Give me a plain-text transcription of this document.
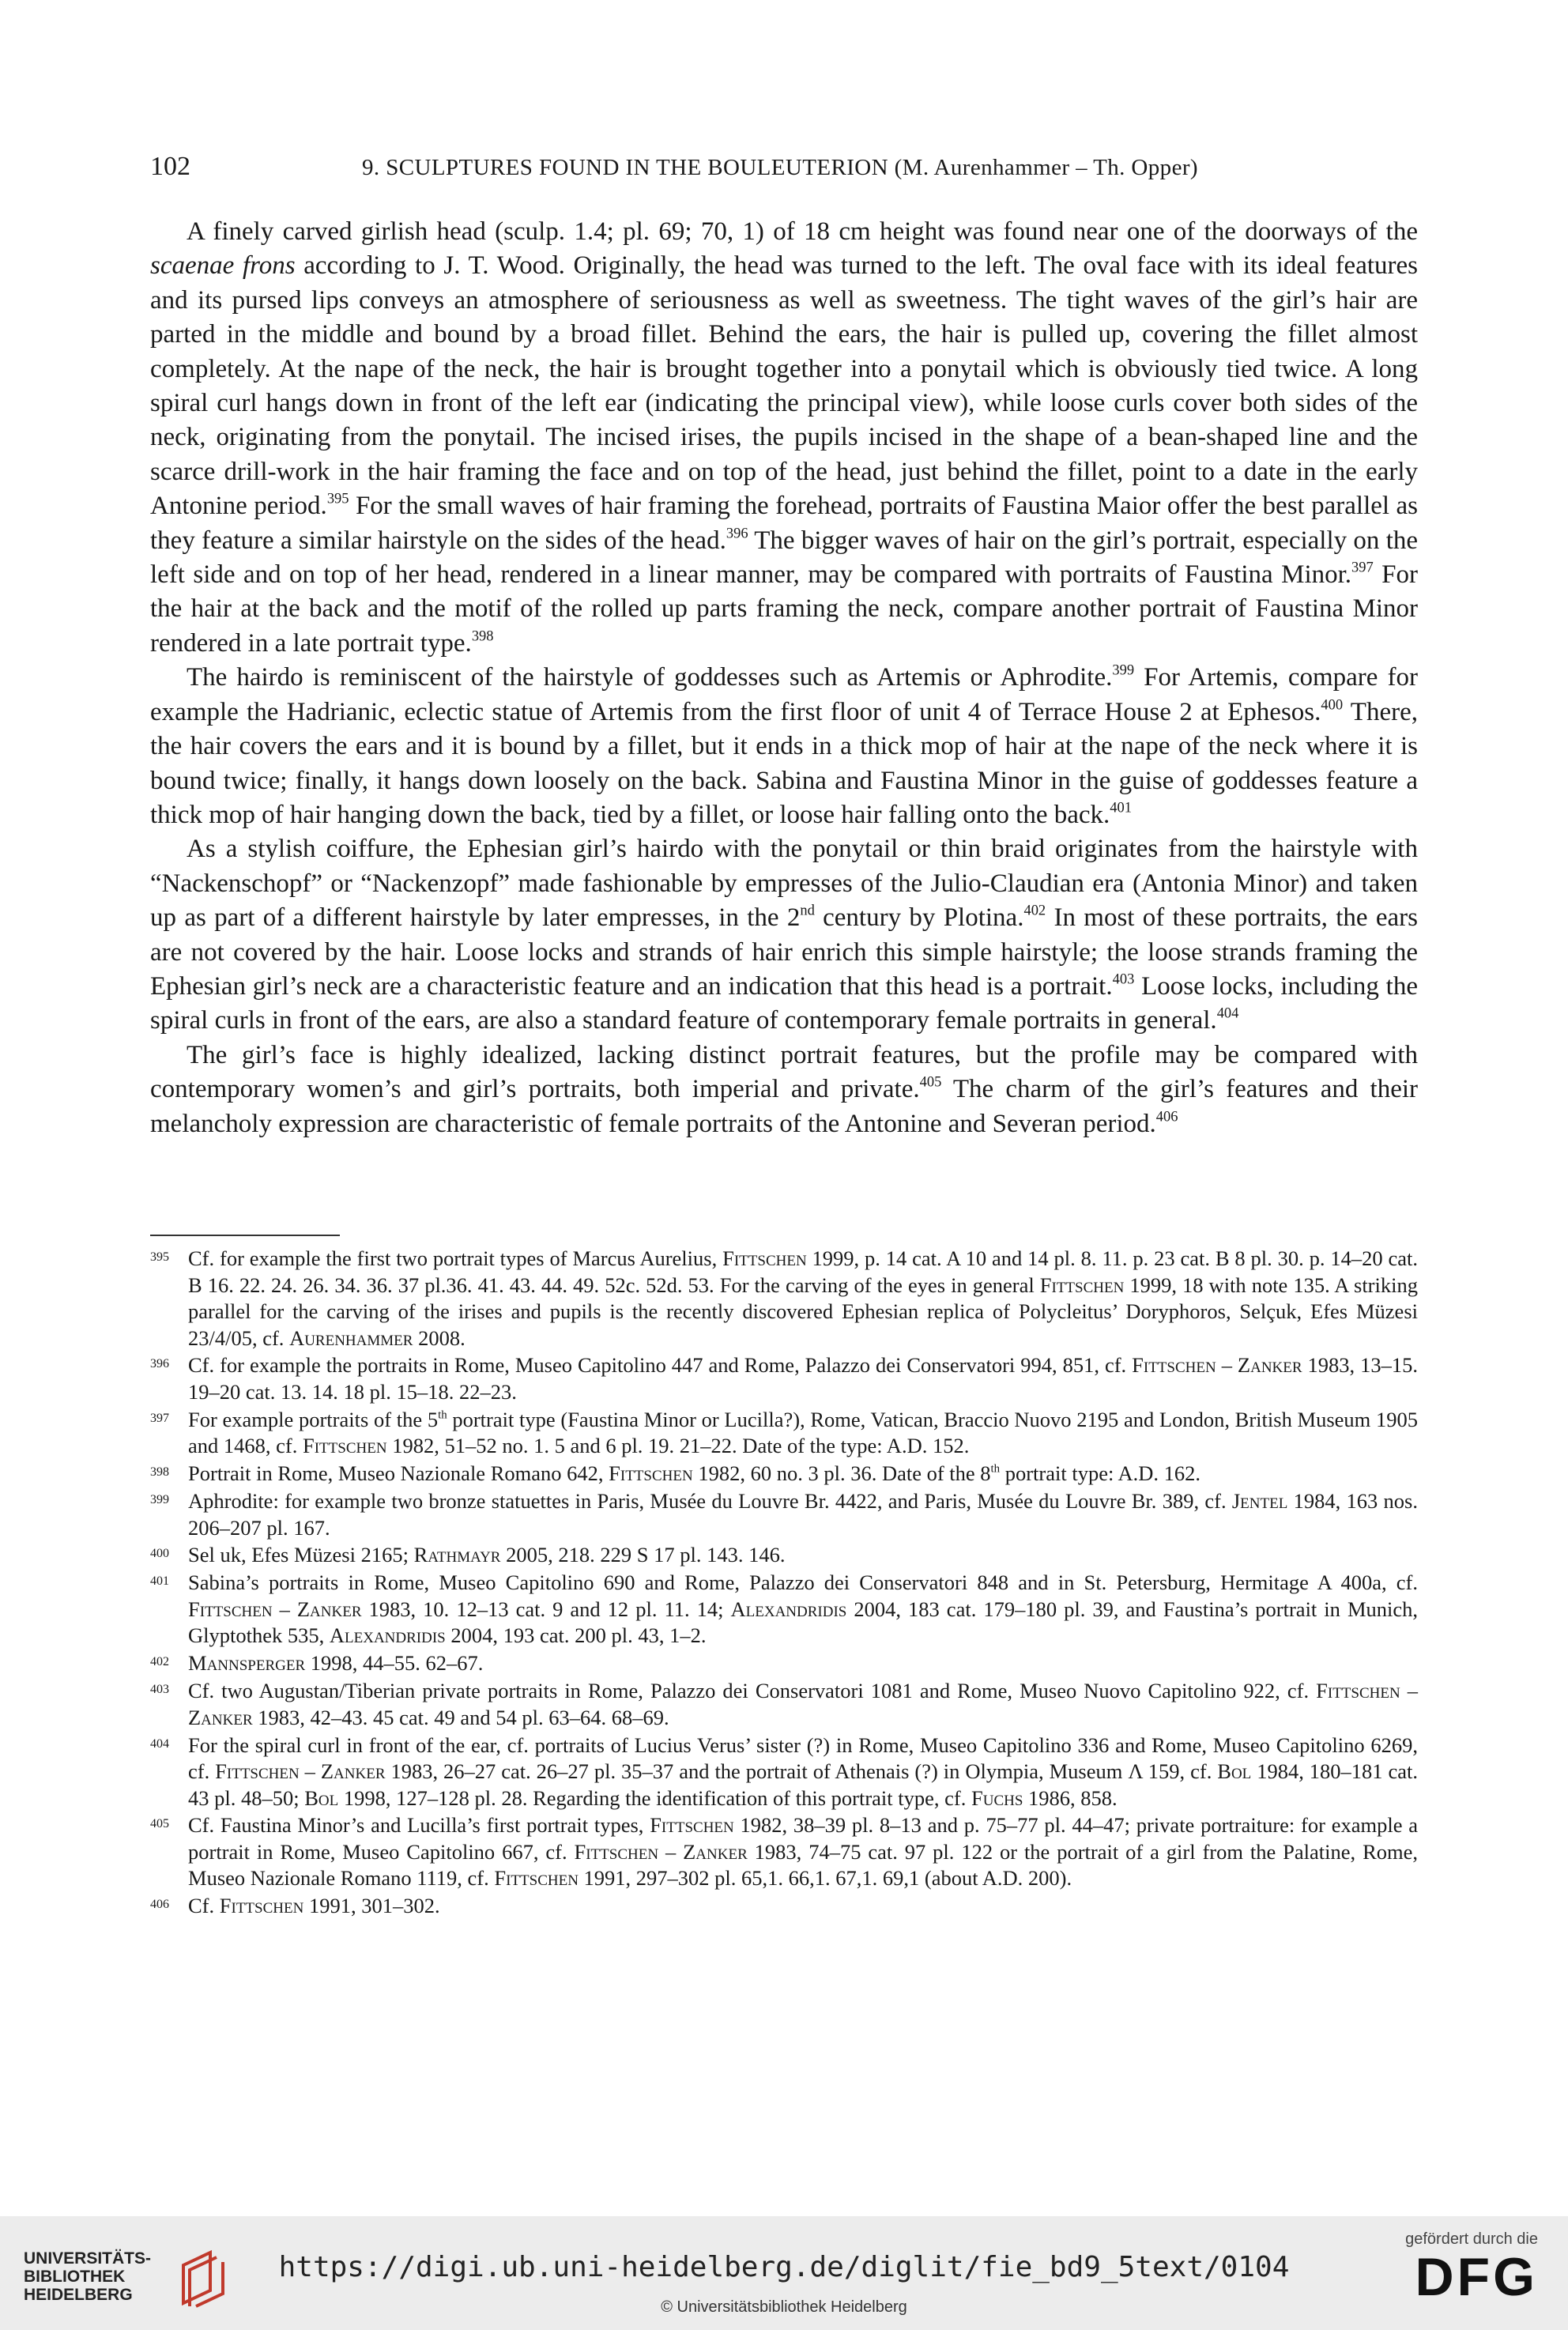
102	9. SCULPTURES FOUND IN THE BOULEUTERION (M. Aurenhammer – Th. Opper)

A finely carved girlish head (sculp. 1.4; pl. 69; 70, 1) of 18 cm height was found near one of the doorways of the scaenae frons according to J. T. Wood. Originally, the head was turned to the left. The oval face with its ideal features and its pursed lips conveys an atmosphere of seriousness as well as sweetness. The tight waves of the girl’s hair are parted in the middle and bound by a broad fillet. Behind the ears, the hair is pulled up, covering the fillet almost completely. At the nape of the neck, the hair is brought together into a ponytail which is obviously tied twice. A long spiral curl hangs down in front of the left ear (indicating the principal view), while loose curls cover both sides of the neck, originating from the ponytail. The incised irises, the pupils incised in the shape of a bean-shaped line and the scarce drill-work in the hair framing the face and on top of the head, just behind the fillet, point to a date in the early Antonine period.$^{395}$ For the small waves of hair framing the forehead, portraits of Faustina Maior offer the best parallel as they feature a similar hairstyle on the sides of the head.$^{396}$ The bigger waves of hair on the girl’s portrait, especially on the left side and on top of her head, rendered in a linear manner, may be compared with portraits of Faustina Minor.$^{397}$ For the hair at the back and the motif of the rolled up parts framing the neck, compare another portrait of Faustina Minor rendered in a late portrait type.$^{398}$

The hairdo is reminiscent of the hairstyle of goddesses such as Artemis or Aphrodite.$^{399}$ For Artemis, compare for example the Hadrianic, eclectic statue of Artemis from the first floor of unit 4 of Terrace House 2 at Ephesos.$^{400}$ There, the hair covers the ears and it is bound by a fillet, but it ends in a thick mop of hair at the nape of the neck where it is bound twice; finally, it hangs down loosely on the back. Sabina and Faustina Minor in the guise of goddesses feature a thick mop of hair hanging down the back, tied by a fillet, or loose hair falling onto the back.$^{401}$

As a stylish coiffure, the Ephesian girl’s hairdo with the ponytail or thin braid originates from the hairstyle with “Nackenschopf” or “Nackenzopf” made fashionable by empresses of the Julio-Claudian era (Antonia Minor) and taken up as part of a different hairstyle by later empresses, in the 2nd century by Plotina.$^{402}$ In most of these portraits, the ears are not covered by the hair. Loose locks and strands of hair enrich this simple hairstyle; the loose strands framing the Ephesian girl’s neck are a characteristic feature and an indication that this head is a portrait.$^{403}$ Loose locks, including the spiral curls in front of the ears, are also a standard feature of contemporary female portraits in general.$^{404}$

The girl’s face is highly idealized, lacking distinct portrait features, but the profile may be compared with contemporary women’s and girl’s portraits, both imperial and private.$^{405}$ The charm of the girl’s features and their melancholy expression are characteristic of female portraits of the Antonine and Severan period.$^{406}$

395 Cf. for example the first two portrait types of Marcus Aurelius, Fittschen 1999, p. 14 cat. A 10 and 14 pl. 8. 11. p. 23 cat. B 8 pl. 30. p. 14–20 cat. B 16. 22. 24. 26. 34. 36. 37 pl.36. 41. 43. 44. 49. 52c. 52d. 53. For the carving of the eyes in general Fittschen 1999, 18 with note 135. A striking parallel for the carving of the irises and pupils is the recently discovered Ephesian replica of Polycleitus’ Doryphoros, Selçuk, Efes Müzesi 23/4/05, cf. Aurenhammer 2008.
396 Cf. for example the portraits in Rome, Museo Capitolino 447 and Rome, Palazzo dei Conservatori 994, 851, cf. Fittschen – Zanker 1983, 13–15. 19–20 cat. 13. 14. 18 pl. 15–18. 22–23.
397 For example portraits of the 5th portrait type (Faustina Minor or Lucilla?), Rome, Vatican, Braccio Nuovo 2195 and London, British Museum 1905 and 1468, cf. Fittschen 1982, 51–52 no. 1. 5 and 6 pl. 19. 21–22. Date of the type: A.D. 152.
398 Portrait in Rome, Museo Nazionale Romano 642, Fittschen 1982, 60 no. 3 pl. 36. Date of the 8th portrait type: A.D. 162.
399 Aphrodite: for example two bronze statuettes in Paris, Musée du Louvre Br. 4422, and Paris, Musée du Louvre Br. 389, cf. Jentel 1984, 163 nos. 206–207 pl. 167.
400 Sel uk, Efes Müzesi 2165; Rathmayr 2005, 218. 229 S 17 pl. 143. 146.
401 Sabina’s portraits in Rome, Museo Capitolino 690 and Rome, Palazzo dei Conservatori 848 and in St. Petersburg, Hermitage A 400a, cf. Fittschen – Zanker 1983, 10. 12–13 cat. 9 and 12 pl. 11. 14; Alexandridis 2004, 183 cat. 179–180 pl. 39, and Faustina’s portrait in Munich, Glyptothek 535, Alexandridis 2004, 193 cat. 200 pl. 43, 1–2.
402 Mannsperger 1998, 44–55. 62–67.
403 Cf. two Augustan/Tiberian private portraits in Rome, Palazzo dei Conservatori 1081 and Rome, Museo Nuovo Capitolino 922, cf. Fittschen – Zanker 1983, 42–43. 45 cat. 49 and 54 pl. 63–64. 68–69.
404 For the spiral curl in front of the ear, cf. portraits of Lucius Verus’ sister (?) in Rome, Museo Capitolino 336 and Rome, Museo Capitolino 6269, cf. Fittschen – Zanker 1983, 26–27 cat. 26–27 pl. 35–37 and the portrait of Athenais (?) in Olympia, Museum Λ 159, cf. Bol 1984, 180–181 cat. 43 pl. 48–50; Bol 1998, 127–128 pl. 28. Regarding the identification of this portrait type, cf. Fuchs 1986, 858.
405 Cf. Faustina Minor’s and Lucilla’s first portrait types, Fittschen 1982, 38–39 pl. 8–13 and p. 75–77 pl. 44–47; private portraiture: for example a portrait in Rome, Museo Capitolino 667, cf. Fittschen – Zanker 1983, 74–75 cat. 97 pl. 122 or the portrait of a girl from the Palatine, Rome, Museo Nazionale Romano 1119, cf. Fittschen 1991, 297–302 pl. 65,1. 66,1. 67,1. 69,1 (about A.D. 200).
406 Cf. Fittschen 1991, 301–302.
UNIVERSITÄTS-
BIBLIOTHEK
HEIDELBERG
https://digi.ub.uni-heidelberg.de/diglit/fie_bd9_5text/0104
© Universitätsbibliothek Heidelberg
gefördert durch die
DFG
